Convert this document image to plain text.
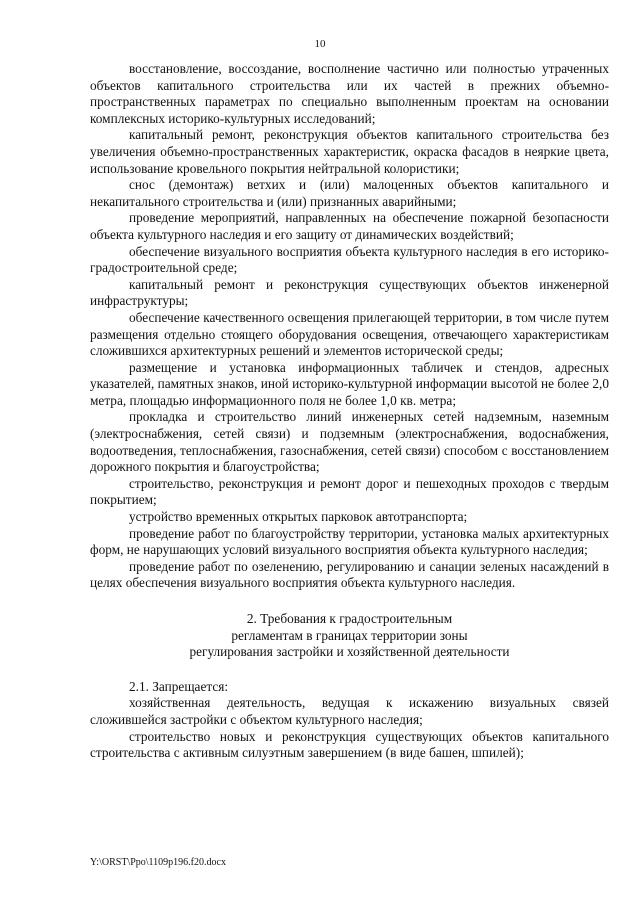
10

восстановление, воссоздание, восполнение частично или полностью утраченных объектов капитального строительства или их частей в прежних объемно-пространственных параметрах по специально выполненным проектам на основании комплексных историко-культурных исследований;

капитальный ремонт, реконструкция объектов капитального строительства без увеличения объемно-пространственных характеристик, окраска фасадов в неяркие цвета, использование кровельного покрытия нейтральной колористики;

снос (демонтаж) ветхих и (или) малоценных объектов капитального и некапитального строительства и (или) признанных аварийными;

проведение мероприятий, направленных на обеспечение пожарной безопасности объекта культурного наследия и его защиту от динамических воздействий;

обеспечение визуального восприятия объекта культурного наследия в его историко-градостроительной среде;

капитальный ремонт и реконструкция существующих объектов инженерной инфраструктуры;

обеспечение качественного освещения прилегающей территории, в том числе путем размещения отдельно стоящего оборудования освещения, отвечающего характеристикам сложившихся архитектурных решений и элементов исторической среды;

размещение и установка информационных табличек и стендов, адресных указателей, памятных знаков, иной историко-культурной информации высотой не более 2,0 метра, площадью информационного поля не более 1,0 кв. метра;

прокладка и строительство линий инженерных сетей надземным, наземным (электроснабжения, сетей связи) и подземным (электроснабжения, водоснабжения, водоотведения, теплоснабжения, газоснабжения, сетей связи) способом с восстановлением дорожного покрытия и благоустройства;

строительство, реконструкция и ремонт дорог и пешеходных проходов с твердым покрытием;

устройство временных открытых парковок автотранспорта;

проведение работ по благоустройству территории, установка малых архитектурных форм, не нарушающих условий визуального восприятия объекта культурного наследия;

проведение работ по озеленению, регулированию и санации зеленых насаждений в целях обеспечения визуального восприятия объекта культурного наследия.

2. Требования к градостроительным
регламентам в границах территории зоны
регулирования застройки и хозяйственной деятельности

2.1. Запрещается:

хозяйственная деятельность, ведущая к искажению визуальных связей сложившейся застройки с объектом культурного наследия;

строительство новых и реконструкция существующих объектов капитального строительства с активным силуэтным завершением (в виде башен, шпилей);

Y:\ORST\Ppo\1109p196.f20.docx
